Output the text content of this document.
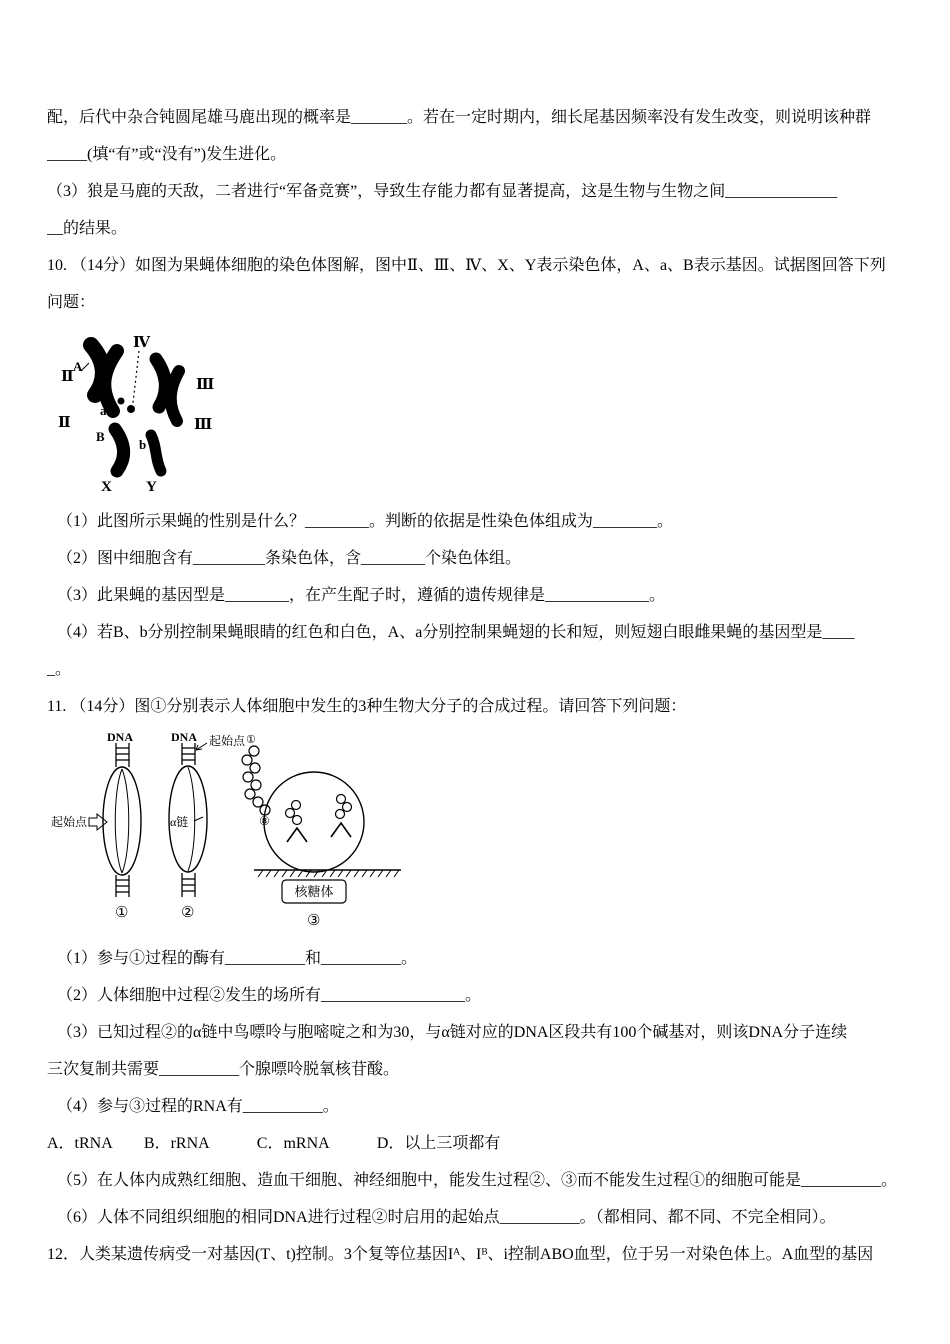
配，后代中杂合钝圆尾雄马鹿出现的概率是_______。若在一定时期内，细长尾基因频率没有发生改变，则说明该种群
_____(填“有”或“没有”)发生进化。
（3）狼是马鹿的天敌，二者进行“军备竞赛”，导致生存能力都有显著提高，这是生物与生物之间______________
__的结果。
10. （14分）如图为果蝇体细胞的染色体图解，图中Ⅱ、Ⅲ、Ⅳ、X、Y表示染色体，A、a、B表示基因。试据图回答下列
问题：
Ⅳ
Ⅱ
A
a
Ⅱ
B
Ⅲ
Ⅲ
b
X Y
（1）此图所示果蝇的性别是什么？________。判断的依据是性染色体组成为________。
（2）图中细胞含有_________条染色体，含________个染色体组。
（3）此果蝇的基因型是________，在产生配子时，遵循的遗传规律是_____________。
（4）若B、b分别控制果蝇眼睛的红色和白色，A、a分别控制果蝇翅的长和短，则短翅白眼雌果蝇的基因型是____
_。
11. （14分）图①分别表示人体细胞中发生的3种生物大分子的合成过程。请回答下列问题：
DNA
起始点
①
DNA 起始点
α链
②
①
⑧
核糖体
③
（1）参与①过程的酶有__________和__________。
（2）人体细胞中过程②发生的场所有__________________。
（3）已知过程②的α链中鸟嘌呤与胞嘧啶之和为30，与α链对应的DNA区段共有100个碱基对，则该DNA分子连续
三次复制共需要__________个腺嘌呤脱氧核苷酸。
（4）参与③过程的RNA有__________。
A．tRNA　　B．rRNA　　　C．mRNA　　　D．以上三项都有
（5）在人体内成熟红细胞、造血干细胞、神经细胞中，能发生过程②、③而不能发生过程①的细胞可能是__________。
（6）人体不同组织细胞的相同DNA进行过程②时启用的起始点__________。（都相同、都不同、不完全相同）。
12．人类某遗传病受一对基因(T、t)控制。3个复等位基因Iᴬ、Iᴮ、i控制ABO血型，位于另一对染色体上。A血型的基因
